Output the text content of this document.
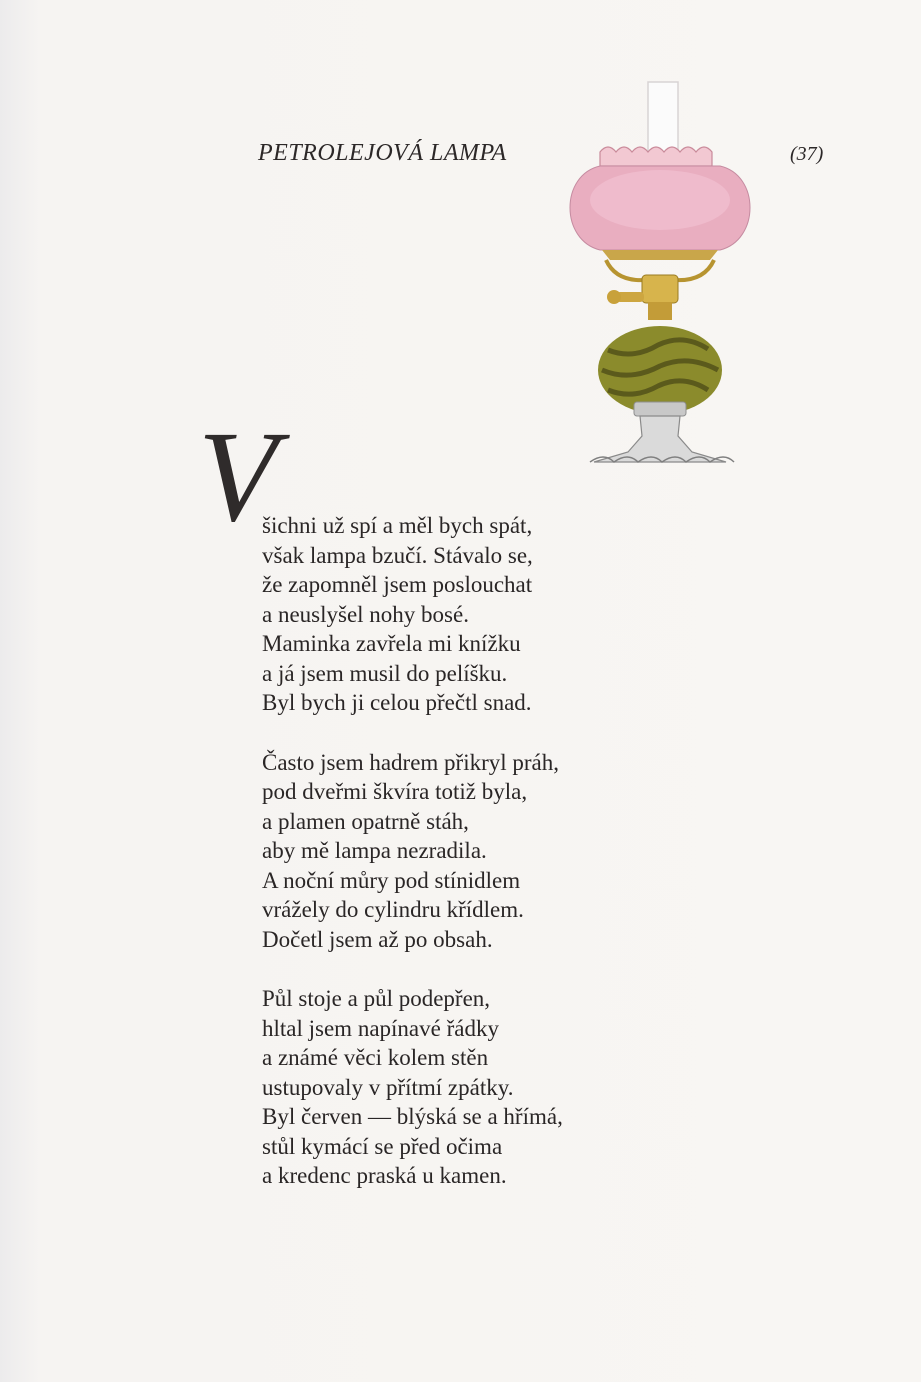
PETROLEJOVÁ LAMPA	(37)
V
šichni už spí a měl bych spát,
však lampa bzučí. Stávalo se,
že zapomněl jsem poslouchat
a neuslyšel nohy bosé.
Maminka zavřela mi knížku
a já jsem musil do pelíšku.
Byl bych ji celou přečtl snad.
Často jsem hadrem přikryl práh,
pod dveřmi škvíra totiž byla,
a plamen opatrně stáh,
aby mě lampa nezradila.
A noční můry pod stínidlem
vrážely do cylindru křídlem.
Dočetl jsem až po obsah.
Půl stoje a půl podepřen,
hltal jsem napínavé řádky
a známé věci kolem stěn
ustupovaly v přítmí zpátky.
Byl červen — blýská se a hřímá,
stůl kymácí se před očima
a kredenc praská u kamen.
